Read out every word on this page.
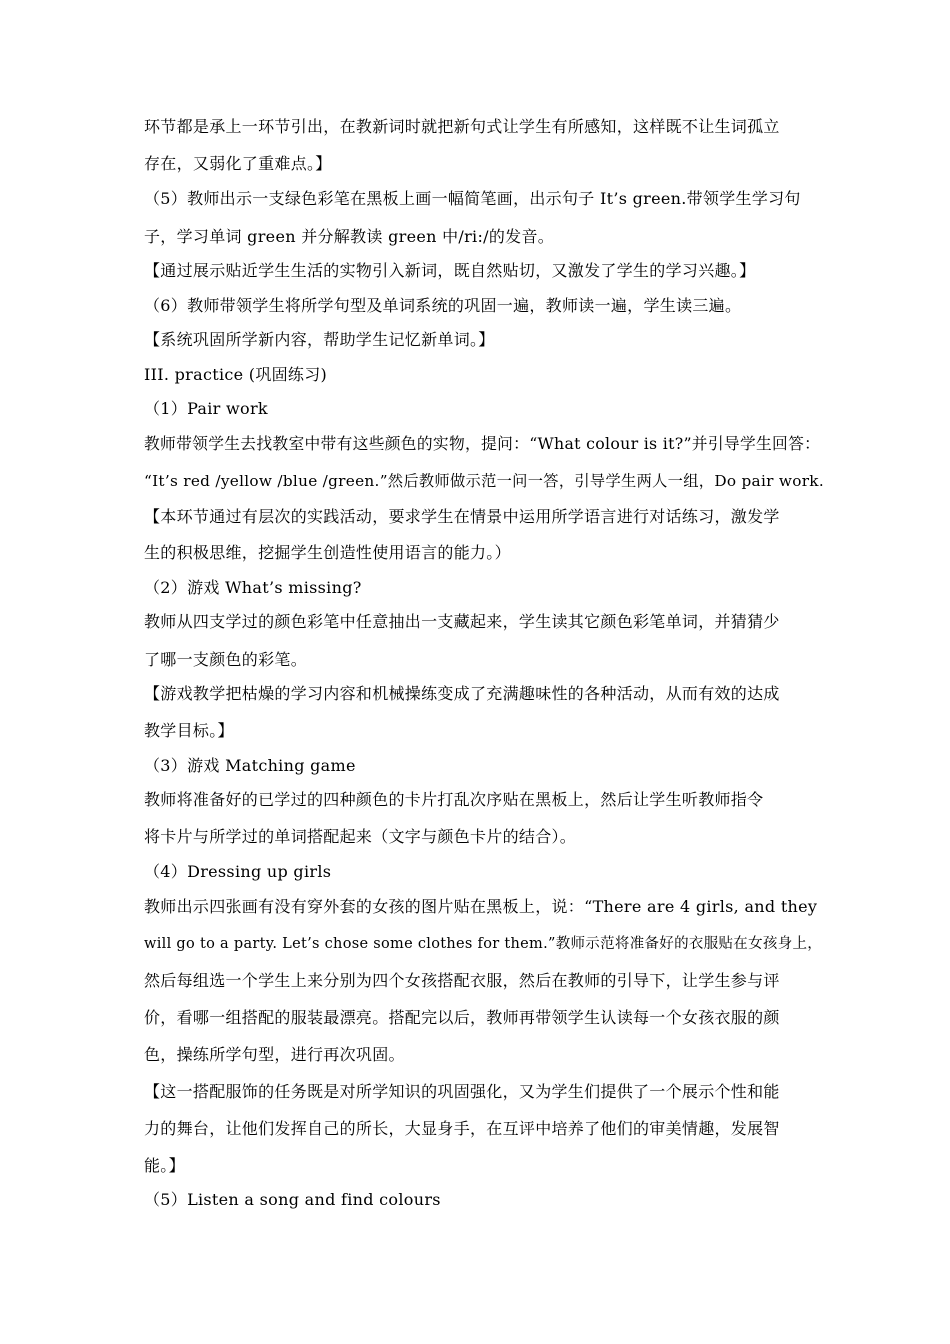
环节都是承上一环节引出，在教新词时就把新句式让学生有所感知，这样既不让生词孤立
存在，又弱化了重难点。】
（5）教师出示一支绿色彩笔在黑板上画一幅简笔画，出示句子 It’s green.带领学生学习句
子，学习单词 green 并分解教读 green 中/ri:/的发音。
【通过展示贴近学生生活的实物引入新词，既自然贴切，又激发了学生的学习兴趣。】
（6）教师带领学生将所学句型及单词系统的巩固一遍，教师读一遍，学生读三遍。
【系统巩固所学新内容，帮助学生记忆新单词。】
III. practice (巩固练习)
（1）Pair work
教师带领学生去找教室中带有这些颜色的实物，提问：“What colour is it?”并引导学生回答：
“It’s red /yellow /blue /green.”然后教师做示范一问一答，引导学生两人一组，Do pair work.
【本环节通过有层次的实践活动，要求学生在情景中运用所学语言进行对话练习，激发学
生的积极思维，挖掘学生创造性使用语言的能力。）
（2）游戏 What’s missing?
教师从四支学过的颜色彩笔中任意抽出一支藏起来，学生读其它颜色彩笔单词，并猜猜少
了哪一支颜色的彩笔。
【游戏教学把枯燥的学习内容和机械操练变成了充满趣味性的各种活动，从而有效的达成
教学目标。】
（3）游戏 Matching game
教师将准备好的已学过的四种颜色的卡片打乱次序贴在黑板上，然后让学生听教师指令
将卡片与所学过的单词搭配起来（文字与颜色卡片的结合）。
（4）Dressing up girls
教师出示四张画有没有穿外套的女孩的图片贴在黑板上，说：“There are 4 girls, and they
will go to a party. Let’s chose some clothes for them.”教师示范将准备好的衣服贴在女孩身上，
然后每组选一个学生上来分别为四个女孩搭配衣服，然后在教师的引导下，让学生参与评
价，看哪一组搭配的服装最漂亮。搭配完以后，教师再带领学生认读每一个女孩衣服的颜
色，操练所学句型，进行再次巩固。
【这一搭配服饰的任务既是对所学知识的巩固强化，又为学生们提供了一个展示个性和能
力的舞台，让他们发挥自己的所长，大显身手，在互评中培养了他们的审美情趣，发展智
能。】
（5）Listen a song and find colours
